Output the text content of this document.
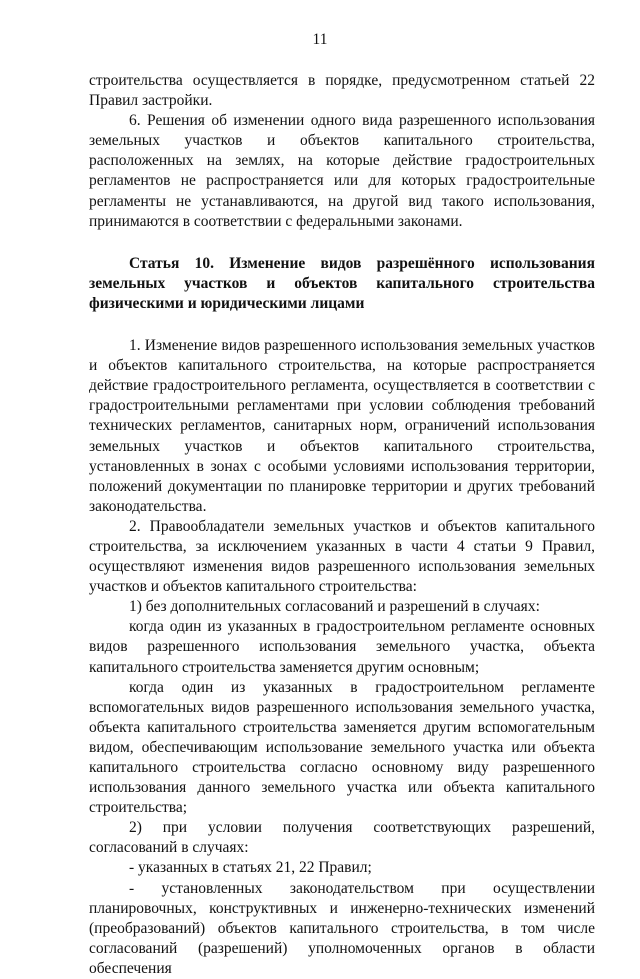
11

строительства осуществляется в порядке, предусмотренном статьей 22 Правил застройки.

6. Решения об изменении одного вида разрешенного использования земельных участков и объектов капитального строительства, расположенных на землях, на которые действие градостроительных регламентов не распространяется или для которых градостроительные регламенты не устанавливаются, на другой вид такого использования, принимаются в соответствии с федеральными законами.

Статья 10. Изменение видов разрешённого использования земельных участков и объектов капитального строительства физическими и юридическими лицами

1. Изменение видов разрешенного использования земельных участков и объектов капитального строительства, на которые распространяется действие градостроительного регламента, осуществляется в соответствии с градостроительными регламентами при условии соблюдения требований технических регламентов, санитарных норм, ограничений использования земельных участков и объектов капитального строительства, установленных в зонах с особыми условиями использования территории, положений документации по планировке территории и других требований законодательства.

2. Правообладатели земельных участков и объектов капитального строительства, за исключением указанных в части 4 статьи 9 Правил, осуществляют изменения видов разрешенного использования земельных участков и объектов капитального строительства:

1) без дополнительных согласований и разрешений в случаях:

когда один из указанных в градостроительном регламенте основных видов разрешенного использования земельного участка, объекта капитального строительства заменяется другим основным;

когда один из указанных в градостроительном регламенте вспомогательных видов разрешенного использования земельного участка, объекта капитального строительства заменяется другим вспомогательным видом, обеспечивающим использование земельного участка или объекта капитального строительства согласно основному виду разрешенного использования данного земельного участка или объекта капитального строительства;

2) при условии получения соответствующих разрешений, согласований в случаях:

- указанных в статьях 21, 22 Правил;

- установленных законодательством при осуществлении планировочных, конструктивных и инженерно-технических изменений (преобразований) объектов капитального строительства, в том числе согласований (разрешений) уполномоченных органов в области обеспечения
